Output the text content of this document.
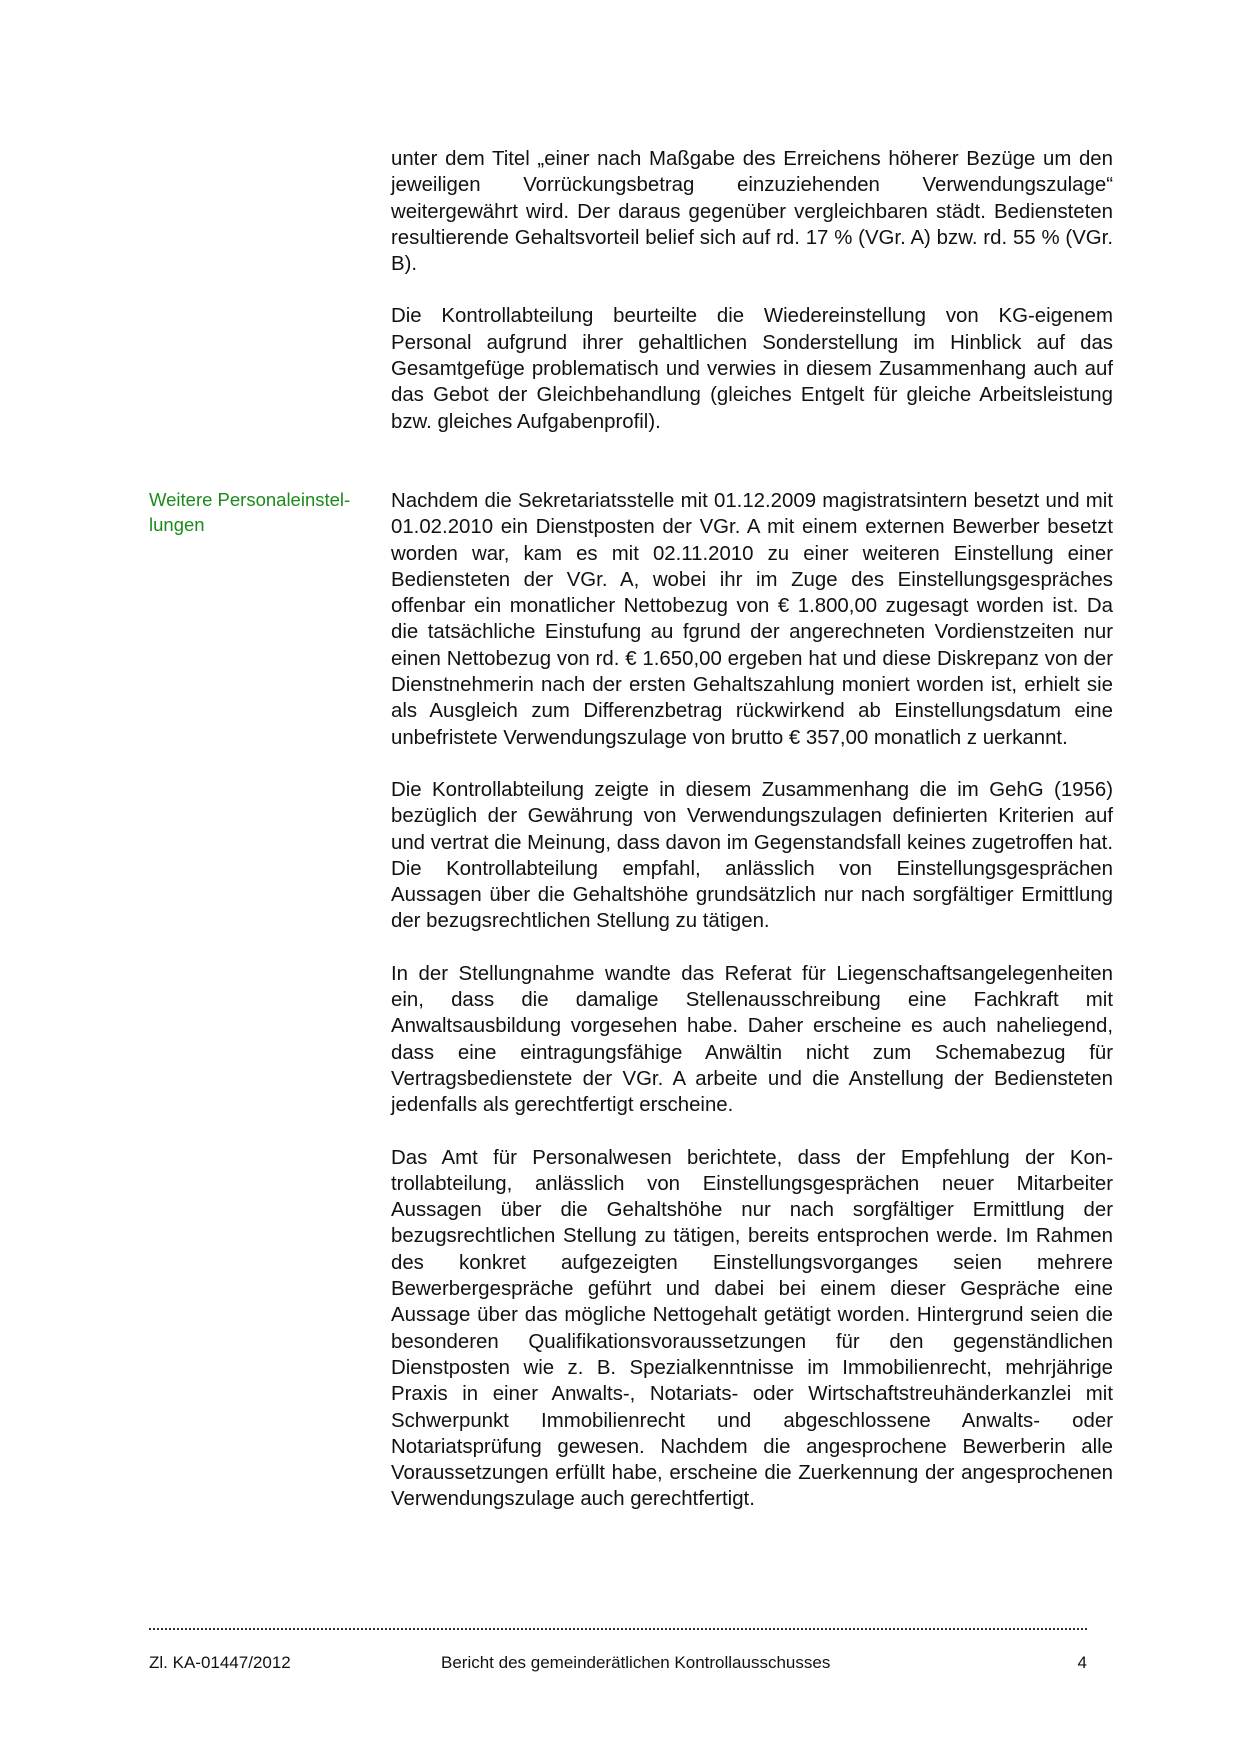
unter dem Titel „einer nach Maßgabe des Erreichens höherer Bezüge um den jeweiligen Vorrückungsbetrag einzuziehenden Verwendungszulage“ weitergewährt wird. Der daraus gegenüber vergleichbaren städt. Bediensteten resultierende Gehaltsvorteil belief sich auf rd. 17 % (VGr. A) bzw. rd. 55 % (VGr. B).

Die Kontrollabteilung beurteilte die Wiedereinstellung von KG-eigenem Personal aufgrund ihrer gehaltlichen Sonderstellung im Hinblick auf das Gesamtgefüge problematisch und verwies in diesem Zusammenhang auch auf das Gebot der Gleichbehandlung (gleiches Entgelt für gleiche Arbeitsleistung bzw. gleiches Aufgabenprofil).

Weitere Personaleinstellungen

Nachdem die Sekretariatsstelle mit 01.12.2009 magistratsintern besetzt und mit 01.02.2010 ein Dienstposten der VGr. A mit einem externen Bewerber besetzt worden war, kam es mit 02.11.2010 zu einer weiteren Einstellung einer Bediensteten der VGr. A, wobei ihr im Zuge des Einstellungsgespräches offenbar ein monatlicher Nettobezug von € 1.800,00 zugesagt worden ist. Da die tatsächliche Einstufung au fgrund der angerechneten Vordienstzeiten nur einen Nettobezug von rd. € 1.650,00 ergeben hat und diese Diskrepanz von der Dienstnehmerin nach der ersten Gehaltszahlung moniert worden ist, erhielt sie als Ausgleich zum Differenzbetrag rückwirkend ab Einstellungsdatum eine unbefristete Verwendungszulage von brutto € 357,00 monatlich z uerkannt.

Die Kontrollabteilung zeigte in diesem Zusammenhang die im GehG (1956) bezüglich der Gewährung von Verwendungszulagen definierten Kriterien auf und vertrat die Meinung, dass davon im Gegenstandsfall keines zugetroffen hat. Die Kontrollabteilung empfahl, anlässlich von Einstellungsgesprächen Aussagen über die Gehaltshöhe grundsätzlich nur nach sorgfältiger Ermittlung der bezugsrechtlichen Stellung zu tätigen.

In der Stellungnahme wandte das Referat für Liegenschaftsangelegenheiten ein, dass die damalige Stellenausschreibung eine Fachkraft mit Anwaltsausbildung vorgesehen habe. Daher erscheine es auch naheliegend, dass eine eintragungsfähige Anwältin nicht zum Schemabezug für Vertragsbedienstete der VGr. A arbeite und die Anstellung der Bediensteten jedenfalls als gerechtfertigt erscheine.

Das Amt für Personalwesen berichtete, dass der Empfehlung der Kontrollabteilung, anlässlich von Einstellungsgesprächen neuer Mitarbeiter Aussagen über die Gehaltshöhe nur nach sorgfältiger Ermittlung der bezugsrechtlichen Stellung zu tätigen, bereits entsprochen werde. Im Rahmen des konkret aufgezeigten Einstellungsvorganges seien mehrere Bewerbergespräche geführt und dabei bei einem dieser Gespräche eine Aussage über das mögliche Nettogehalt getätigt worden. Hintergrund seien die besonderen Qualifikationsvoraussetzungen für den gegenständlichen Dienstposten wie z. B. Spezialkenntnisse im Immobilienrecht, mehrjährige Praxis in einer Anwalts-, Notariats- oder Wirtschaftstreuhänderkanzlei mit Schwerpunkt Immobilienrecht und abgeschlossene Anwalts- oder Notariatsprüfung gewesen. Nachdem die angesprochene Bewerberin alle Voraussetzungen erfüllt habe, erscheine die Zuerkennung der angesprochenen Verwendungszulage auch gerechtfertigt.

Zl. KA-01447/2012	Bericht des gemeinderätlichen Kontrollausschusses	4
